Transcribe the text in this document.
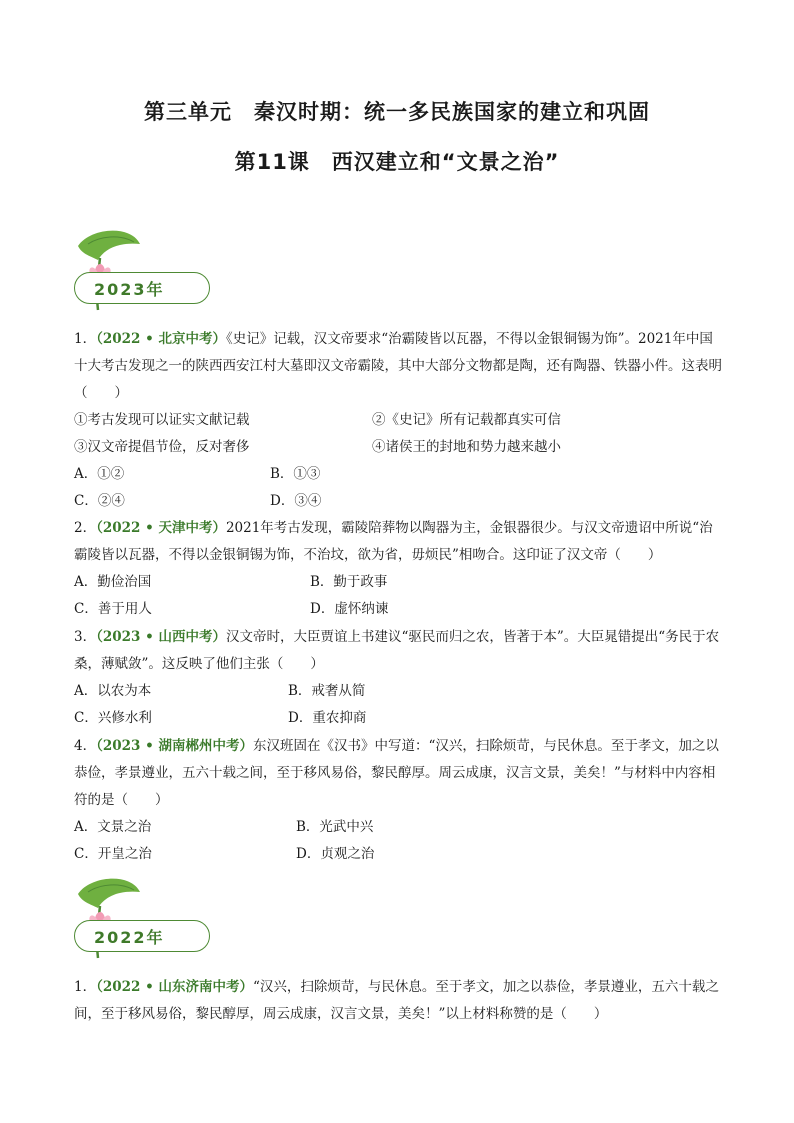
第三单元　秦汉时期：统一多民族国家的建立和巩固
第11课　西汉建立和“文景之治”
2023年
1．（2022 • 北京中考）《史记》记载，汉文帝要求“治霸陵皆以瓦器，不得以金银铜锡为饰”。2021年中国十大考古发现之一的陕西西安江村大墓即汉文帝霸陵，其中大部分文物都是陶，还有陶器、铁器小件。这表明（　　）
①考古发现可以证实文献记载	②《史记》所有记载都真实可信
③汉文帝提倡节俭，反对奢侈	④诸侯王的封地和势力越来越小
A．①②	B．①③
C．②④	D．③④
2．（2022 • 天津中考）2021年考古发现，霸陵陪葬物以陶器为主，金银器很少。与汉文帝遗诏中所说“治霸陵皆以瓦器，不得以金银铜锡为饰，不治坟，欲为省，毋烦民”相吻合。这印证了汉文帝（　　）
A．勤俭治国	B．勤于政事
C．善于用人	D．虚怀纳谏
3．（2023 • 山西中考）汉文帝时，大臣贾谊上书建议“驱民而归之农，皆著于本”。大臣晁错提出“务民于农桑，薄赋敛”。这反映了他们主张（　　）
A．以农为本	B．戒奢从简
C．兴修水利	D．重农抑商
4．（2023 • 湖南郴州中考）东汉班固在《汉书》中写道：“汉兴，扫除烦苛，与民休息。至于孝文，加之以恭俭，孝景遵业，五六十载之间，至于移风易俗，黎民醇厚。周云成康，汉言文景，美矣！”与材料中内容相符的是（　　）
A．文景之治	B．光武中兴
C．开皇之治	D．贞观之治
2022年
1．（2022 • 山东济南中考）“汉兴，扫除烦苛，与民休息。至于孝文，加之以恭俭，孝景遵业，五六十载之间，至于移风易俗，黎民醇厚，周云成康，汉言文景，美矣！”以上材料称赞的是（　　）
